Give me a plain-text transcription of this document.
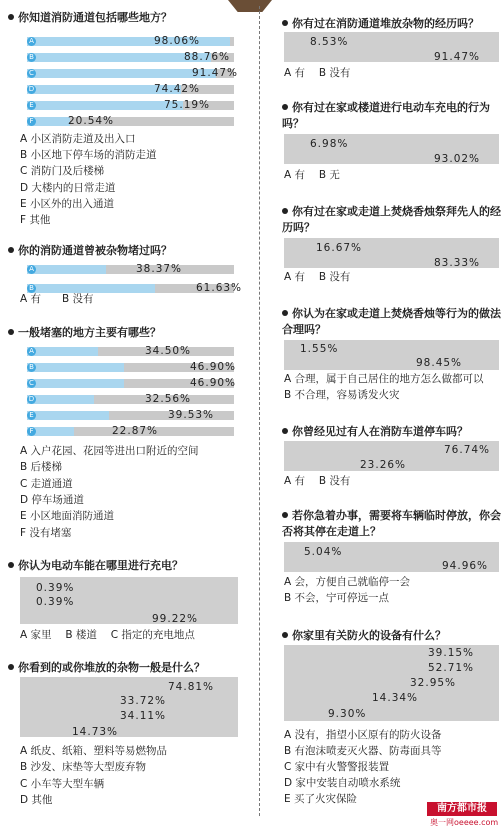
你知道消防通道包括哪些地方？
A	98.06%
B	88.76%
C	91.47%
D	74.42%
E	75.19%
F	20.54%
A 小区消防走道及出入口
B 小区地下停车场的消防走道
C 消防门及后楼梯
D 大楼内的日常走道
E 小区外的出入通道
F 其他
你的消防通道曾被杂物堵过吗？
A	38.37%
B	61.63%
A 有　　B 没有
一般堵塞的地方主要有哪些？
A	34.50%
B	46.90%
C	46.90%
D	32.56%
E	39.53%
F	22.87%
A 入户花园、花园等进出口附近的空间
B 后楼梯
C 走道通道
D 停车场通道
E 小区地面消防通道
F 没有堵塞
你认为电动车能在哪里进行充电？
0.39%
0.39%
99.22%
A 家里　 B 楼道　 C 指定的充电地点
你看到的或你堆放的杂物一般是什么？
74.81%
33.72%
34.11%
14.73%
A 纸皮、纸箱、塑料等易燃物品
B 沙发、床垫等大型废弃物
C 小车等大型车辆
D 其他
你有过在消防通道堆放杂物的经历吗？
8.53%
91.47%
A 有　 B 没有
你有过在家或楼道进行电动车充电的行为吗？
6.98%
93.02%
A 有　 B 无
你有过在家或走道上焚烧香烛祭拜先人的经历吗？
16.67%
83.33%
A 有　 B 没有
你认为在家或走道上焚烧香烛等行为的做法合理吗？
1.55%
98.45%
A 合理，属于自己居住的地方怎么做都可以
B 不合理，容易诱发火灾
你曾经见过有人在消防车道停车吗？
76.74%
23.26%
A 有　 B 没有
若你急着办事，需要将车辆临时停放，你会否将其停在走道上？
5.04%
94.96%
A 会，方便自己就临停一会
B 不会，宁可停远一点
你家里有关防火的设备有什么？
39.15%
52.71%
32.95%
14.34%
9.30%
A 没有，指望小区原有的防火设备
B 有泡沫喷麦灭火器、防毒面具等
C 家中有火警警报装置
D 家中安装自动喷水系统
E 买了火灾保险
南方都市报
奥一网oeeee.com
